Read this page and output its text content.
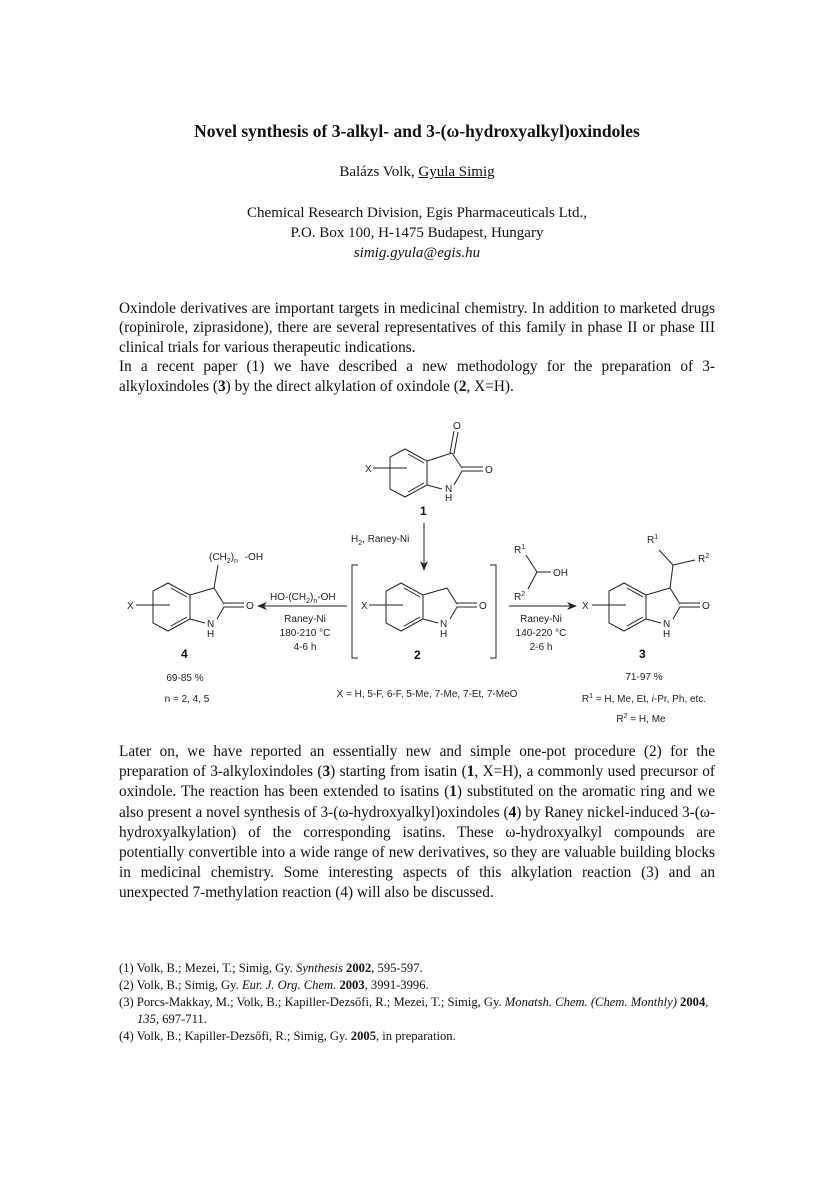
Novel synthesis of 3-alkyl- and 3-(ω-hydroxyalkyl)oxindoles
Balázs Volk, Gyula Simig
Chemical Research Division, Egis Pharmaceuticals Ltd.,
P.O. Box 100, H-1475 Budapest, Hungary
simig.gyula@egis.hu

Oxindole derivatives are important targets in medicinal chemistry. In addition to marketed drugs (ropinirole, ziprasidone), there are several representatives of this family in phase II or phase III clinical trials for various therapeutic indications.

In a recent paper (1) we have described a new methodology for the preparation of 3-alkyloxindoles (3) by the direct alkylation of oxindole (2, X=H).

O
O
X
N
H
1
$H_2$, Raney-Ni
O
X
N
H
2
$HO-(CH_2)_n-OH$
Raney-Ni
180-210 °C
4-6 h
O
X
N
H
$(CH_2)_n$ -OH
4
69-85 %
n = 2, 4, 5
$R^1$
OH
$R^2$
Raney-Ni
140-220 °C
2-6 h
O
X
N
H
$R^1$
$R^2$
3
71-97 %
X = H, 5-F, 6-F, 5-Me, 7-Me, 7-Et, 7-MeO	$R^1 = H$, Me, Et, i-Pr, Ph, etc.
$R^2 = H$, Me

Later on, we have reported an essentially new and simple one-pot procedure (2) for the preparation of 3-alkyloxindoles (3) starting from isatin (1, X=H), a commonly used precursor of oxindole. The reaction has been extended to isatins (1) substituted on the aromatic ring and we also present a novel synthesis of 3-(ω-hydroxyalkyl)oxindoles (4) by Raney nickel-induced 3-(ω-hydroxyalkylation) of the corresponding isatins. These ω-hydroxyalkyl compounds are potentially convertible into a wide range of new derivatives, so they are valuable building blocks in medicinal chemistry. Some interesting aspects of this alkylation reaction (3) and an unexpected 7-methylation reaction (4) will also be discussed.

(1) Volk, B.; Mezei, T.; Simig, Gy. Synthesis 2002, 595-597.
(2) Volk, B.; Simig, Gy. Eur. J. Org. Chem. 2003, 3991-3996.
(3) Porcs-Makkay, M.; Volk, B.; Kapiller-Dezsőfi, R.; Mezei, T.; Simig, Gy. Monatsh. Chem. (Chem. Monthly) 2004, 135, 697-711.
(4) Volk, B.; Kapiller-Dezsőfi, R.; Simig, Gy. 2005, in preparation.
